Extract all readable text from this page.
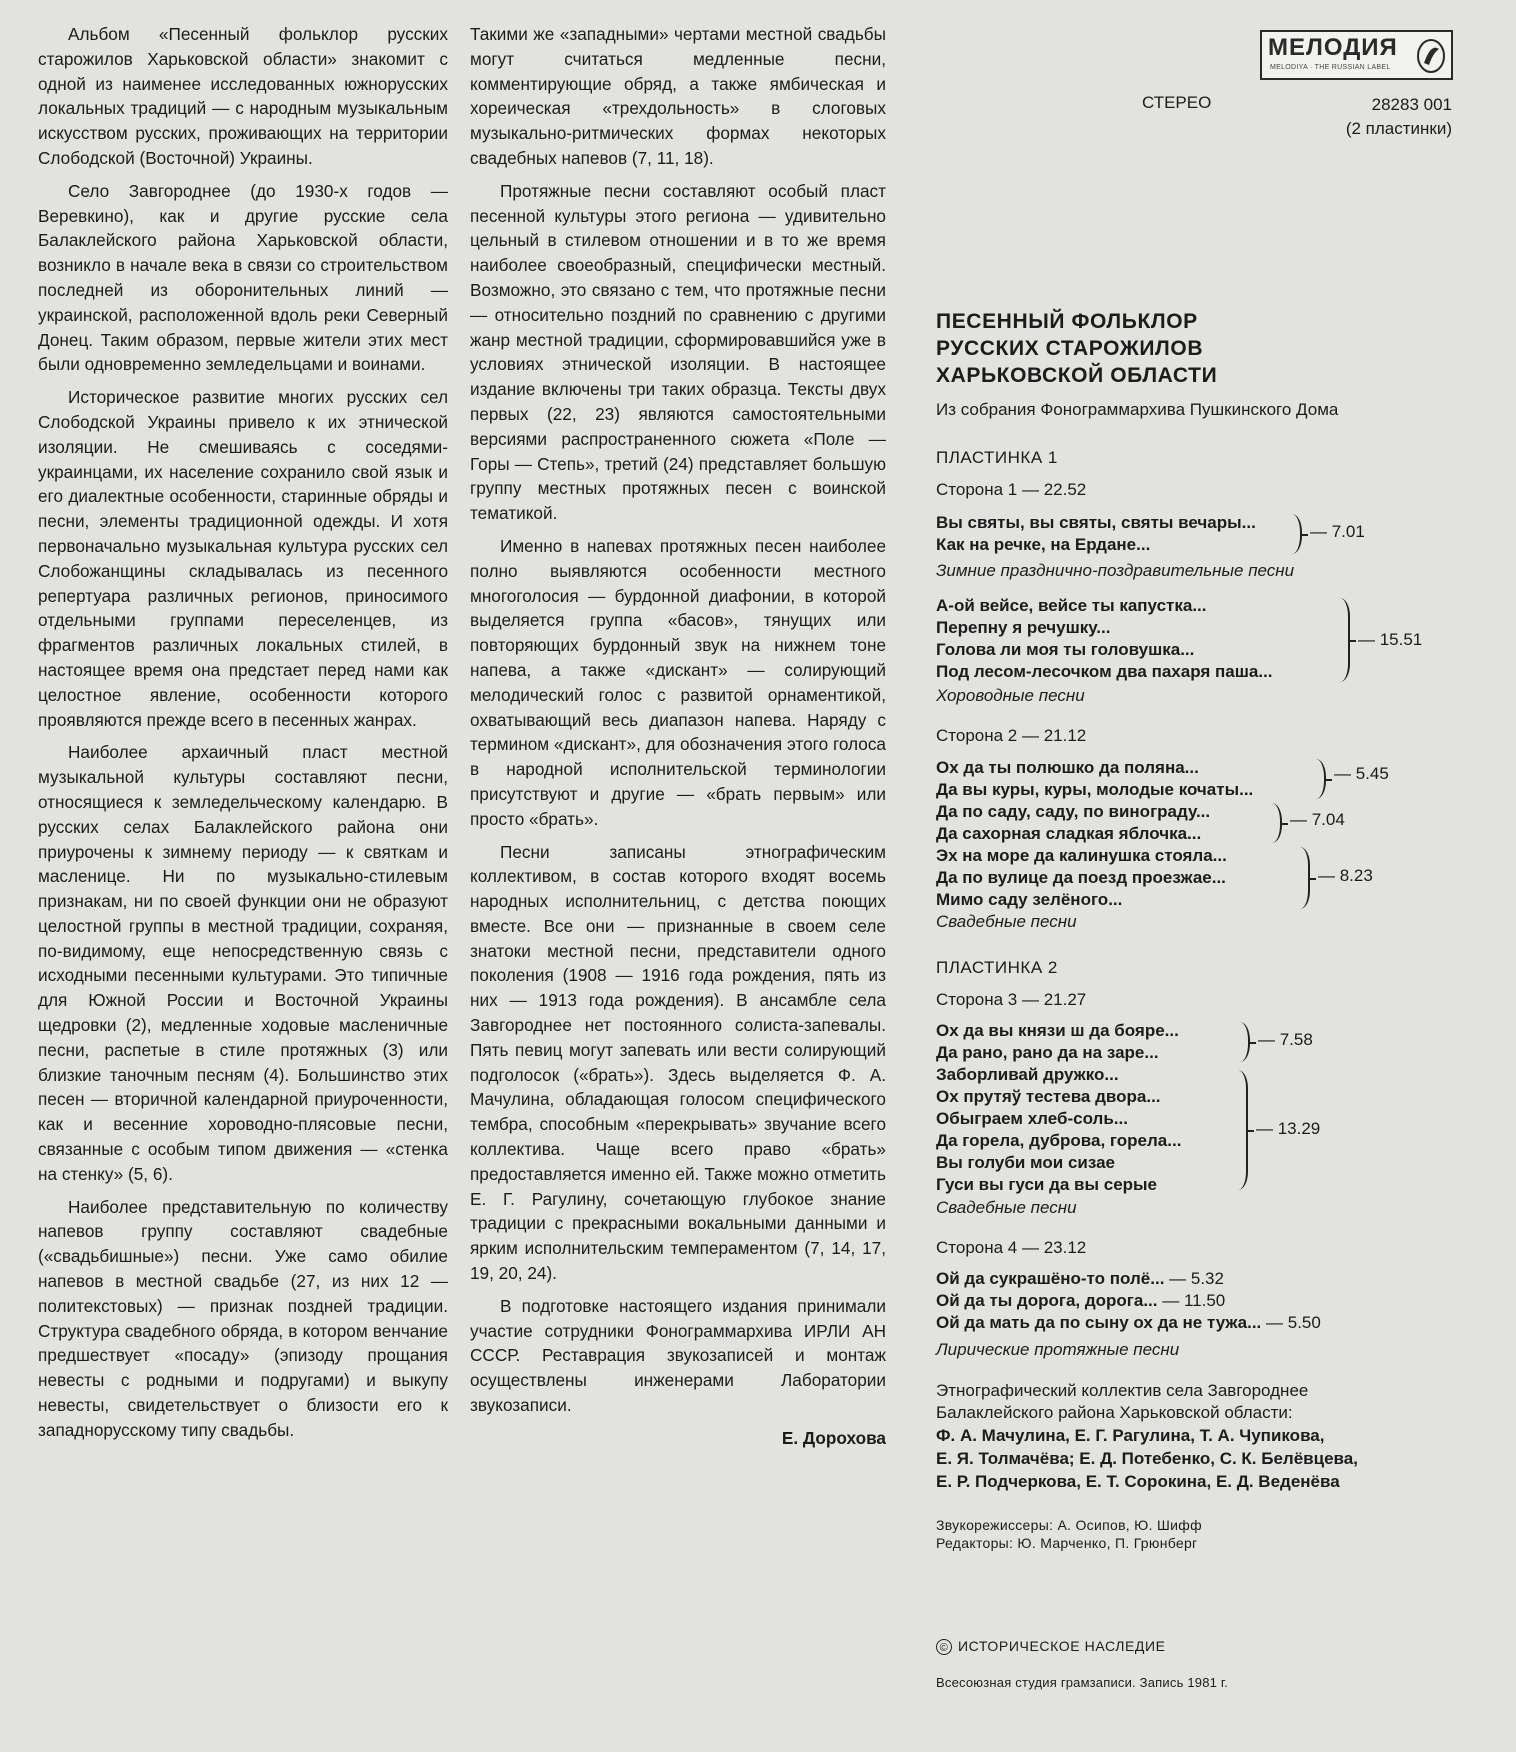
Альбом «Песенный фольклор русских старожилов Харьковской области» знакомит с одной из наименее исследованных южнорусских локальных традиций — с народным музыкальным искусством русских, проживающих на территории Слободской (Восточной) Украины.

Село Завгороднее (до 1930-х годов — Веревкино), как и другие русские села Балаклейского района Харьковской области, возникло в начале века в связи со строительством последней из оборонительных линий — украинской, расположенной вдоль реки Северный Донец. Таким образом, первые жители этих мест были одновременно земледельцами и воинами.

Историческое развитие многих русских сел Слободской Украины привело к их этнической изоляции. Не смешиваясь с соседями-украинцами, их население сохранило свой язык и его диалектные особенности, старинные обряды и песни, элементы традиционной одежды. И хотя первоначально музыкальная культура русских сел Слобожанщины складывалась из песенного репертуара различных регионов, приносимого отдельными группами переселенцев, из фрагментов различных локальных стилей, в настоящее время она предстает перед нами как целостное явление, особенности которого проявляются прежде всего в песенных жанрах.

Наиболее архаичный пласт местной музыкальной культуры составляют песни, относящиеся к земледельческому календарю. В русских селах Балаклейского района они приурочены к зимнему периоду — к святкам и масленице. Ни по музыкально-стилевым признакам, ни по своей функции они не образуют целостной группы в местной традиции, сохраняя, по-видимому, еще непосредственную связь с исходными песенными культурами. Это типичные для Южной России и Восточной Украины щедровки (2), медленные ходовые масленичные песни, распетые в стиле протяжных (3) или близкие таночным песням (4). Большинство этих песен — вторичной календарной приуроченности, как и весенние хороводно-плясовые песни, связанные с особым типом движения — «стенка на стенку» (5, 6).

Наиболее представительную по количеству напевов группу составляют свадебные («свадьбишные») песни. Уже само обилие напевов в местной свадьбе (27, из них 12 — политекстовых) — признак поздней традиции. Структура свадебного обряда, в котором венчание предшествует «посаду» (эпизоду прощания невесты с родными и подругами) и выкупу невесты, свидетельствует о близости его к западнорусскому типу свадьбы.

Такими же «западными» чертами местной свадьбы могут считаться медленные песни, комментирующие обряд, а также ямбическая и хореическая «трехдольность» в слоговых музыкально-ритмических формах некоторых свадебных напевов (7, 11, 18).

Протяжные песни составляют особый пласт песенной культуры этого региона — удивительно цельный в стилевом отношении и в то же время наиболее своеобразный, специфически местный. Возможно, это связано с тем, что протяжные песни — относительно поздний по сравнению с другими жанр местной традиции, сформировавшийся уже в условиях этнической изоляции. В настоящее издание включены три таких образца. Тексты двух первых (22, 23) являются самостоятельными версиями распространенного сюжета «Поле — Горы — Степь», третий (24) представляет большую группу местных протяжных песен с воинской тематикой.

Именно в напевах протяжных песен наиболее полно выявляются особенности местного многоголосия — бурдонной диафонии, в которой выделяется группа «басов», тянущих или повторяющих бурдонный звук на нижнем тоне напева, а также «дискант» — солирующий мелодический голос с развитой орнаментикой, охватывающий весь диапазон напева. Наряду с термином «дискант», для обозначения этого голоса в народной исполнительской терминологии присутствуют и другие — «брать первым» или просто «брать».

Песни записаны этнографическим коллективом, в состав которого входят восемь народных исполнительниц, с детства поющих вместе. Все они — признанные в своем селе знатоки местной песни, представители одного поколения (1908 — 1916 года рождения, пять из них — 1913 года рождения). В ансамбле села Завгороднее нет постоянного солиста-запевалы. Пять певиц могут запевать или вести солирующий подголосок («брать»). Здесь выделяется Ф. А. Мачулина, обладающая голосом специфического тембра, способным «перекрывать» звучание всего коллектива. Чаще всего право «брать» предоставляется именно ей. Также можно отметить Е. Г. Рагулину, сочетающую глубокое знание традиции с прекрасными вокальными данными и ярким исполнительским темпераментом (7, 14, 17, 19, 20, 24).

В подготовке настоящего издания принимали участие сотрудники Фонограммархива ИРЛИ АН СССР. Реставрация звукозаписей и монтаж осуществлены инженерами Лаборатории звукозаписи.

Е. Дорохова
МЕЛОДИЯ
MELODIYA · THE RUSSIAN LABEL
СТЕРЕО	28283 001
(2 пластинки)
ПЕСЕННЫЙ ФОЛЬКЛОР
РУССКИХ СТАРОЖИЛОВ
ХАРЬКОВСКОЙ ОБЛАСТИ
Из собрания Фонограммархива Пушкинского Дома
ПЛАСТИНКА 1
Сторона 1 — 22.52
Вы святы, вы святы, святы вечары...
Как на речке, на Ердане...
— 7.01
Зимние празднично-поздравительные песни
А-ой вейсе, вейсе ты капустка...
Перепну я речушку...
Голова ли моя ты головушка...
Под лесом-лесочком два пахаря паша...
— 15.51
Хороводные песни
Сторона 2 — 21.12
Ох да ты полюшко да поляна...
Да вы куры, куры, молодые кочаты...
— 5.45
Да по саду, саду, по винограду...
Да сахорная сладкая яблочка...
— 7.04
Эх на море да калинушка стояла...
Да по вулице да поезд проезжае...
Мимо саду зелёного...
— 8.23
Свадебные песни
ПЛАСТИНКА 2
Сторона 3 — 21.27
Ох да вы князи ш да бояре...
Да рано, рано да на заре...
— 7.58
Заборливай дружко...
Ох прутяў тестева двора...
Обыграем хлеб-соль...
Да горела, дуброва, горела...
Вы голуби мои сизае
Гуси вы гуси да вы серые
— 13.29
Свадебные песни
Сторона 4 — 23.12
Ой да сукрашёно-то полё... — 5.32
Ой да ты дорога, дорога... — 11.50
Ой да мать да по сыну ох да не тужа... — 5.50
Лирические протяжные песни
Этнографический коллектив села Завгороднее
Балаклейского района Харьковской области:
Ф. А. Мачулина, Е. Г. Рагулина, Т. А. Чупикова,
Е. Я. Толмачёва; Е. Д. Потебенко, С. К. Белёвцева,
Е. Р. Подчеркова, Е. Т. Сорокина, Е. Д. Веденёва
Звукорежиссеры: А. Осипов, Ю. Шифф
Редакторы: Ю. Марченко, П. Грюнберг
© ИСТОРИЧЕСКОЕ НАСЛЕДИЕ
Всесоюзная студия грамзаписи. Запись 1981 г.
